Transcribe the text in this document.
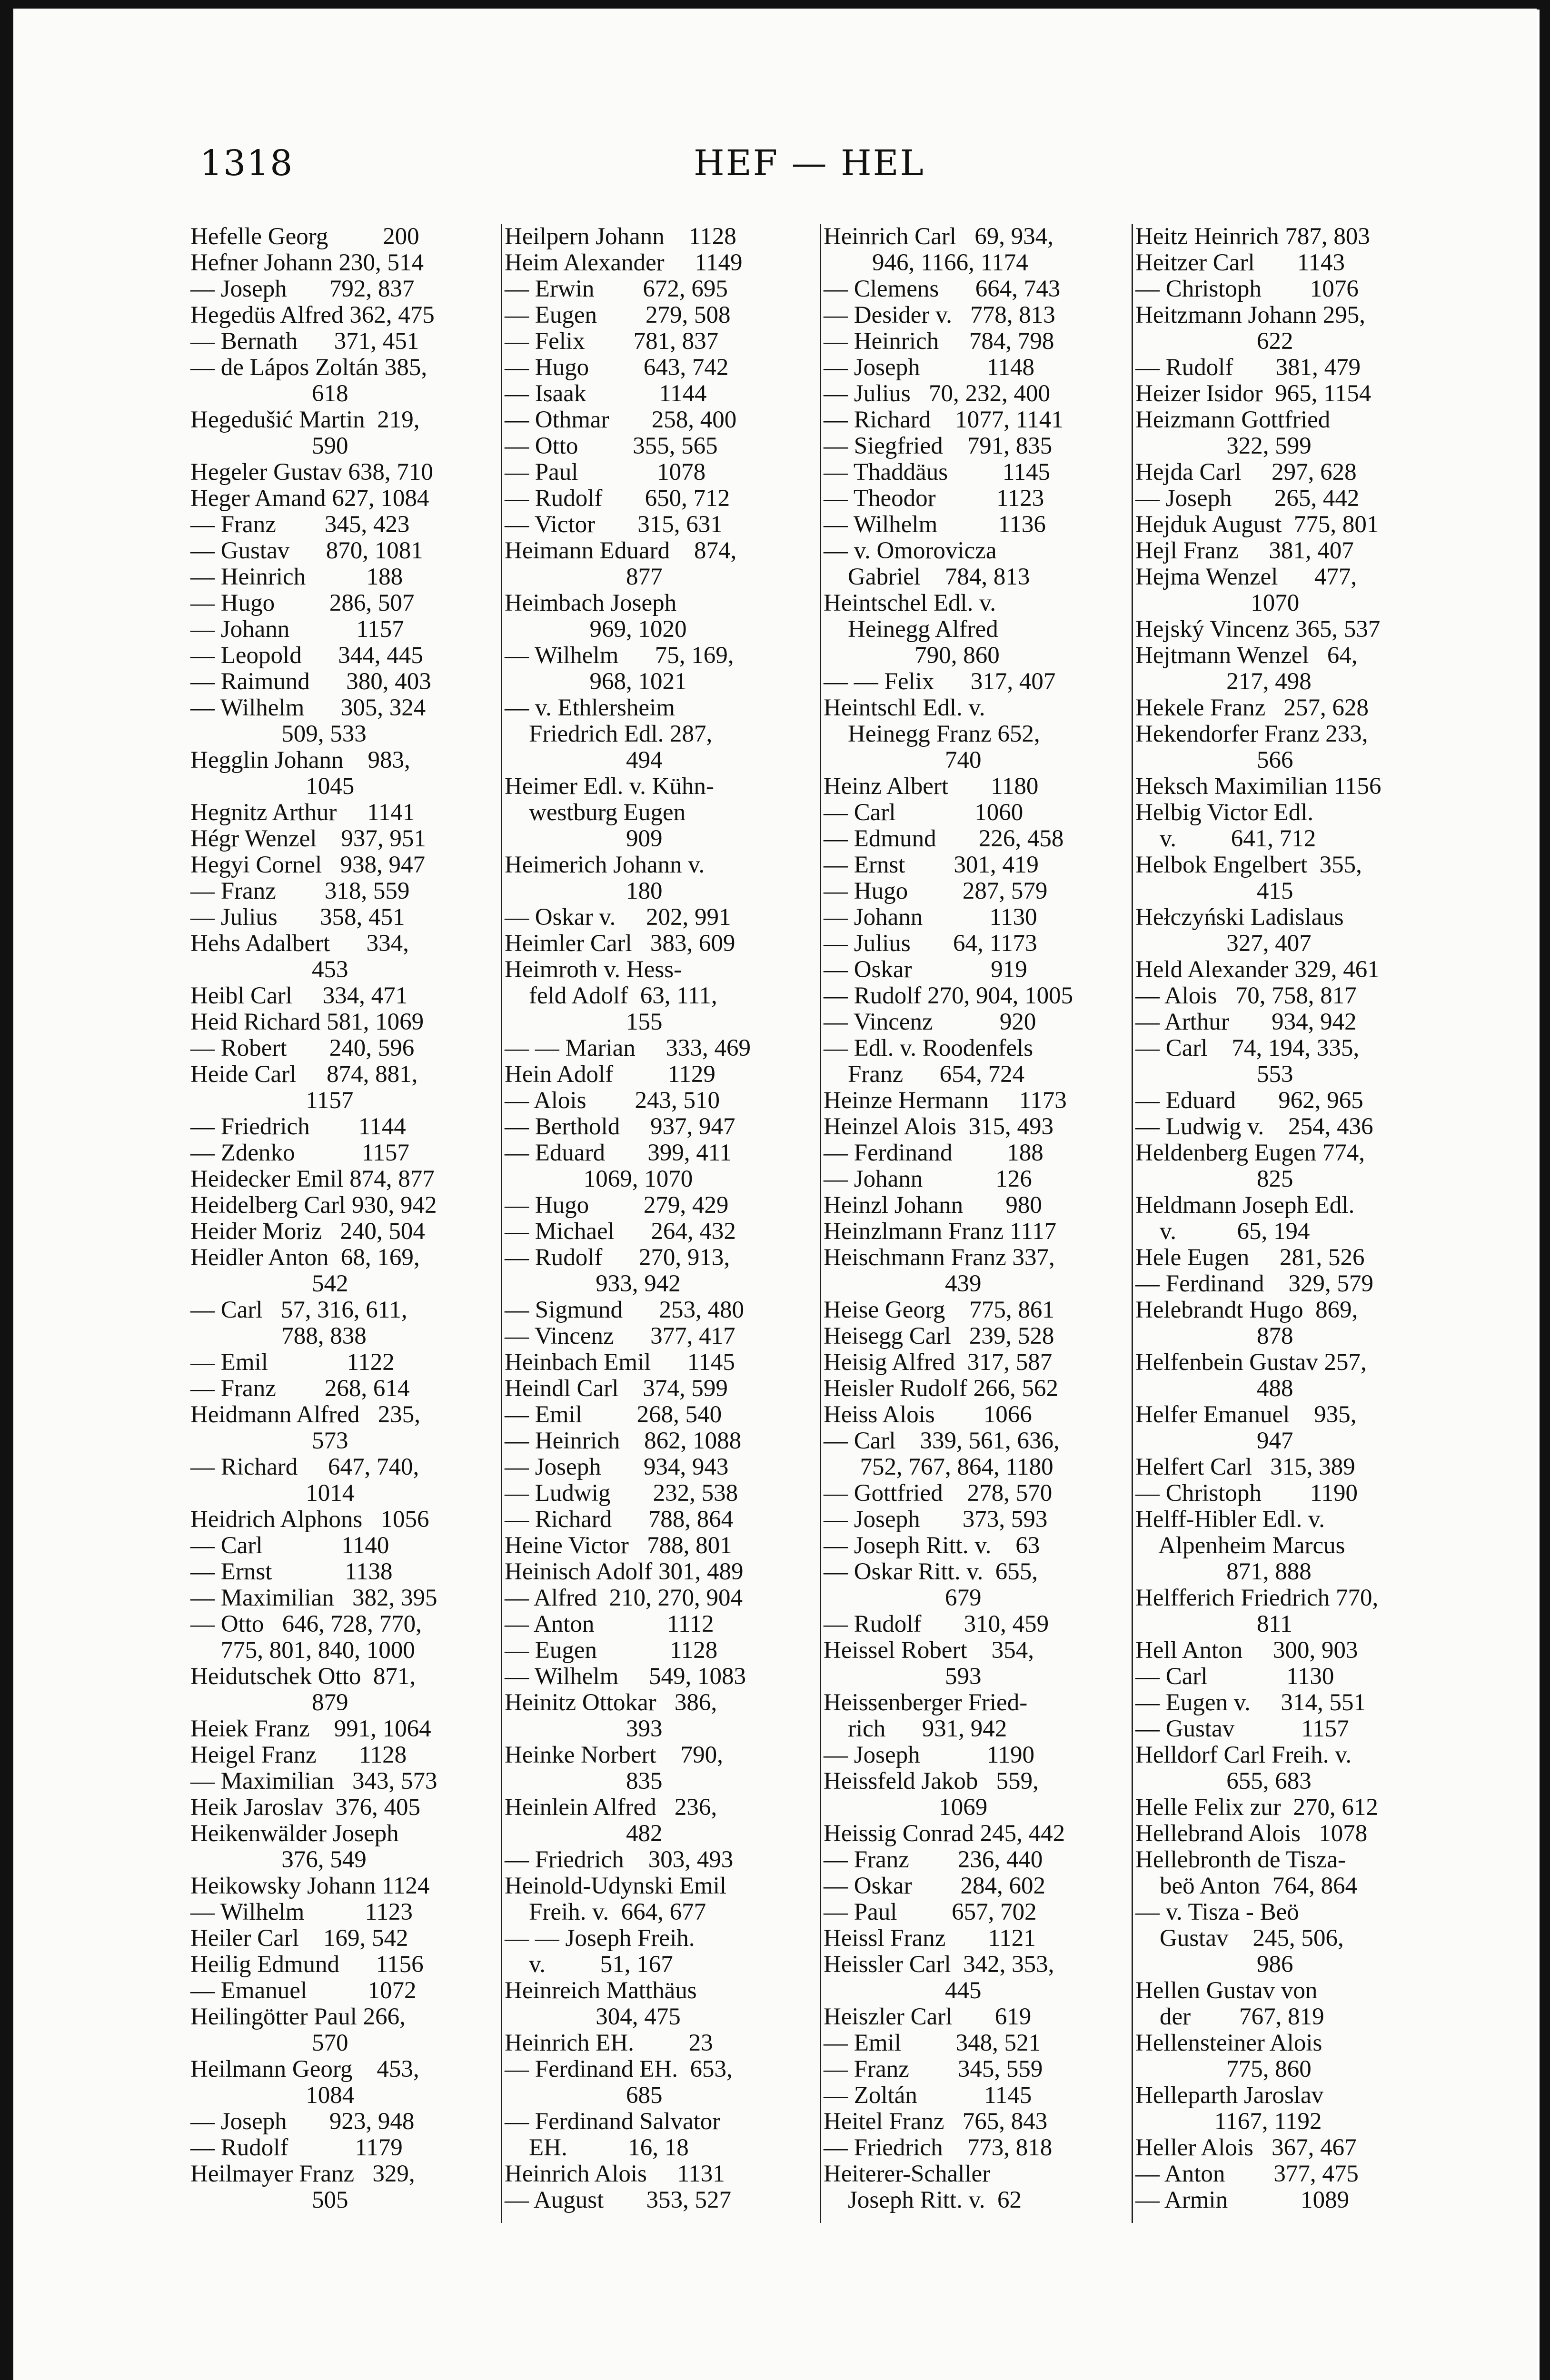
1318	HEF — HEL
Hefelle Georg         200
Hefner Johann 230, 514
— Joseph       792, 837
Hegedüs Alfred 362, 475
— Bernath      371, 451
— de Lápos Zoltán 385,
618
Hegedušić Martin  219,
590
Hegeler Gustav 638, 710
Heger Amand 627, 1084
— Franz        345, 423
— Gustav      870, 1081
— Heinrich          188
— Hugo         286, 507
— Johann           1157
— Leopold      344, 445
— Raimund      380, 403
— Wilhelm      305, 324
509, 533
Hegglin Johann    983,
1045
Hegnitz Arthur     1141
Hégr Wenzel    937, 951
Hegyi Cornel   938, 947
— Franz        318, 559
— Julius       358, 451
Hehs Adalbert      334,
453
Heibl Carl     334, 471
Heid Richard 581, 1069
— Robert       240, 596
Heide Carl     874, 881,
1157
— Friedrich        1144
— Zdenko           1157
Heidecker Emil 874, 877
Heidelberg Carl 930, 942
Heider Moriz   240, 504
Heidler Anton  68, 169,
542
— Carl   57, 316, 611,
788, 838
— Emil             1122
— Franz        268, 614
Heidmann Alfred   235,
573
— Richard     647, 740,
1014
Heidrich Alphons   1056
— Carl             1140
— Ernst            1138
— Maximilian   382, 395
— Otto   646, 728, 770,
775, 801, 840, 1000
Heidutschek Otto  871,
879
Heiek Franz    991, 1064
Heigel Franz       1128
— Maximilian   343, 573
Heik Jaroslav  376, 405
Heikenwälder Joseph
376, 549
Heikowsky Johann 1124
— Wilhelm          1123
Heiler Carl    169, 542
Heilig Edmund      1156
— Emanuel          1072
Heilingötter Paul 266,
570
Heilmann Georg    453,
1084
— Joseph       923, 948
— Rudolf           1179
Heilmayer Franz   329,
505
Heilpern Johann    1128
Heim Alexander     1149
— Erwin        672, 695
— Eugen        279, 508
— Felix        781, 837
— Hugo         643, 742
— Isaak            1144
— Othmar       258, 400
— Otto         355, 565
— Paul             1078
— Rudolf       650, 712
— Victor       315, 631
Heimann Eduard    874,
877
Heimbach Joseph
969, 1020
— Wilhelm      75, 169,
968, 1021
— v. Ethlersheim
Friedrich Edl. 287,
494
Heimer Edl. v. Kühn-
westburg Eugen
909
Heimerich Johann v.
180
— Oskar v.     202, 991
Heimler Carl   383, 609
Heimroth v. Hess-
feld Adolf  63, 111,
155
— — Marian     333, 469
Hein Adolf         1129
— Alois        243, 510
— Berthold     937, 947
— Eduard       399, 411
1069, 1070
— Hugo         279, 429
— Michael      264, 432
— Rudolf      270, 913,
933, 942
— Sigmund      253, 480
— Vincenz      377, 417
Heinbach Emil      1145
Heindl Carl    374, 599
— Emil         268, 540
— Heinrich    862, 1088
— Joseph       934, 943
— Ludwig       232, 538
— Richard      788, 864
Heine Victor   788, 801
Heinisch Adolf 301, 489
— Alfred  210, 270, 904
— Anton            1112
— Eugen            1128
— Wilhelm     549, 1083
Heinitz Ottokar   386,
393
Heinke Norbert    790,
835
Heinlein Alfred   236,
482
— Friedrich    303, 493
Heinold-Udynski Emil
Freih. v.  664, 677
— — Joseph Freih.
v.         51, 167
Heinreich Matthäus
304, 475
Heinrich EH.         23
— Ferdinand EH.  653,
685
— Ferdinand Salvator
EH.          16, 18
Heinrich Alois     1131
— August       353, 527
Heinrich Carl   69, 934,
946, 1166, 1174
— Clemens      664, 743
— Desider v.   778, 813
— Heinrich     784, 798
— Joseph           1148
— Julius   70, 232, 400
— Richard    1077, 1141
— Siegfried    791, 835
— Thaddäus         1145
— Theodor          1123
— Wilhelm          1136
— v. Omorovicza
Gabriel    784, 813
Heintschel Edl. v.
Heinegg Alfred
790, 860
— — Felix      317, 407
Heintschl Edl. v.
Heinegg Franz 652,
740
Heinz Albert       1180
— Carl             1060
— Edmund       226, 458
— Ernst        301, 419
— Hugo         287, 579
— Johann           1130
— Julius       64, 1173
— Oskar             919
— Rudolf 270, 904, 1005
— Vincenz           920
— Edl. v. Roodenfels
Franz      654, 724
Heinze Hermann     1173
Heinzel Alois  315, 493
— Ferdinand         188
— Johann            126
Heinzl Johann       980
Heinzlmann Franz 1117
Heischmann Franz 337,
439
Heise Georg    775, 861
Heisegg Carl   239, 528
Heisig Alfred  317, 587
Heisler Rudolf 266, 562
Heiss Alois        1066
— Carl    339, 561, 636,
752, 767, 864, 1180
— Gottfried    278, 570
— Joseph       373, 593
— Joseph Ritt. v.    63
— Oskar Ritt. v.  655,
679
— Rudolf       310, 459
Heissel Robert    354,
593
Heissenberger Fried-
rich      931, 942
— Joseph           1190
Heissfeld Jakob   559,
1069
Heissig Conrad 245, 442
— Franz        236, 440
— Oskar        284, 602
— Paul         657, 702
Heissl Franz       1121
Heissler Carl  342, 353,
445
Heiszler Carl       619
— Emil         348, 521
— Franz        345, 559
— Zoltán           1145
Heitel Franz   765, 843
— Friedrich    773, 818
Heiterer-Schaller
Joseph Ritt. v.  62
Heitz Heinrich 787, 803
Heitzer Carl       1143
— Christoph        1076
Heitzmann Johann 295,
622
— Rudolf       381, 479
Heizer Isidor  965, 1154
Heizmann Gottfried
322, 599
Hejda Carl     297, 628
— Joseph       265, 442
Hejduk August  775, 801
Hejl Franz     381, 407
Hejma Wenzel      477,
1070
Hejský Vincenz 365, 537
Hejtmann Wenzel   64,
217, 498
Hekele Franz   257, 628
Hekendorfer Franz 233,
566
Heksch Maximilian 1156
Helbig Victor Edl.
v.         641, 712
Helbok Engelbert  355,
415
Hełczyński Ladislaus
327, 407
Held Alexander 329, 461
— Alois   70, 758, 817
— Arthur       934, 942
— Carl    74, 194, 335,
553
— Eduard       962, 965
— Ludwig v.    254, 436
Heldenberg Eugen 774,
825
Heldmann Joseph Edl.
v.          65, 194
Hele Eugen     281, 526
— Ferdinand    329, 579
Helebrandt Hugo  869,
878
Helfenbein Gustav 257,
488
Helfer Emanuel    935,
947
Helfert Carl   315, 389
— Christoph        1190
Helff-Hibler Edl. v.
Alpenheim Marcus
871, 888
Helfferich Friedrich 770,
811
Hell Anton     300, 903
— Carl             1130
— Eugen v.     314, 551
— Gustav           1157
Helldorf Carl Freih. v.
655, 683
Helle Felix zur  270, 612
Hellebrand Alois   1078
Hellebronth de Tisza-
beö Anton  764, 864
— v. Tisza - Beö
Gustav    245, 506,
986
Hellen Gustav von
der        767, 819
Hellensteiner Alois
775, 860
Helleparth Jaroslav
1167, 1192
Heller Alois   367, 467
— Anton        377, 475
— Armin            1089
